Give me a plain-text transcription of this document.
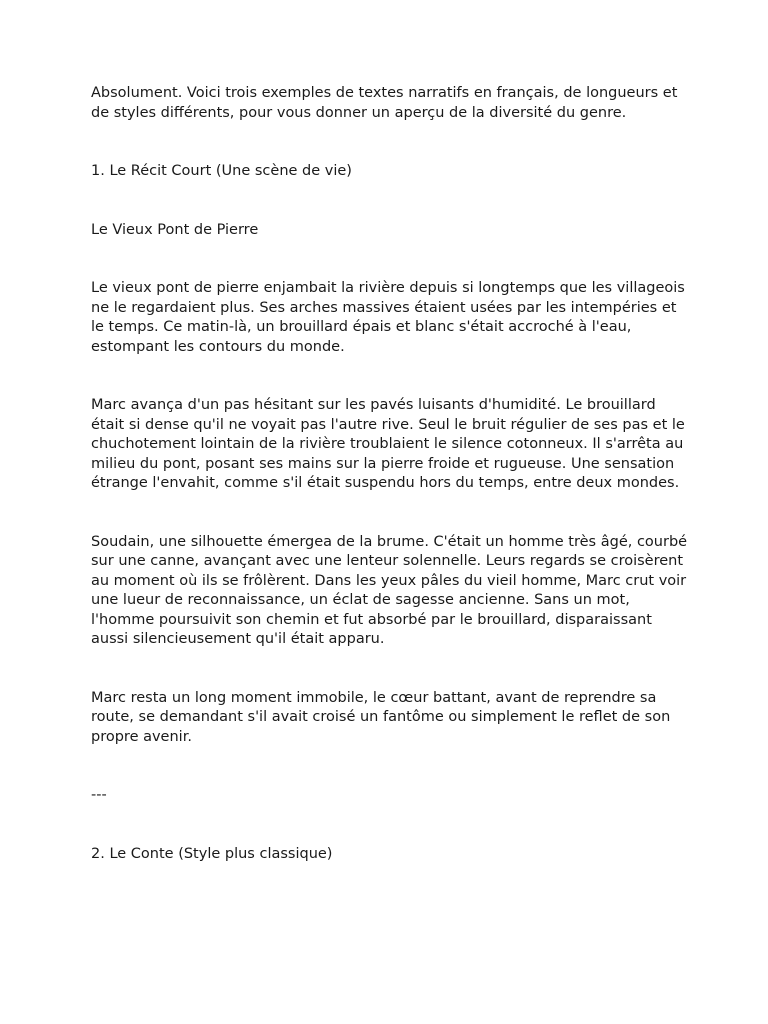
Absolument. Voici trois exemples de textes narratifs en français, de longueurs et de styles différents, pour vous donner un aperçu de la diversité du genre.

1. Le Récit Court (Une scène de vie)

Le Vieux Pont de Pierre

Le vieux pont de pierre enjambait la rivière depuis si longtemps que les villageois ne le regardaient plus. Ses arches massives étaient usées par les intempéries et le temps. Ce matin-là, un brouillard épais et blanc s'était accroché à l'eau, estompant les contours du monde.

Marc avança d'un pas hésitant sur les pavés luisants d'humidité. Le brouillard était si dense qu'il ne voyait pas l'autre rive. Seul le bruit régulier de ses pas et le chuchotement lointain de la rivière troublaient le silence cotonneux. Il s'arrêta au milieu du pont, posant ses mains sur la pierre froide et rugueuse. Une sensation étrange l'envahit, comme s'il était suspendu hors du temps, entre deux mondes.

Soudain, une silhouette émergea de la brume. C'était un homme très âgé, courbé sur une canne, avançant avec une lenteur solennelle. Leurs regards se croisèrent au moment où ils se frôlèrent. Dans les yeux pâles du vieil homme, Marc crut voir une lueur de reconnaissance, un éclat de sagesse ancienne. Sans un mot, l'homme poursuivit son chemin et fut absorbé par le brouillard, disparaissant aussi silencieusement qu'il était apparu.

Marc resta un long moment immobile, le cœur battant, avant de reprendre sa route, se demandant s'il avait croisé un fantôme ou simplement le reflet de son propre avenir.

---

2. Le Conte (Style plus classique)
